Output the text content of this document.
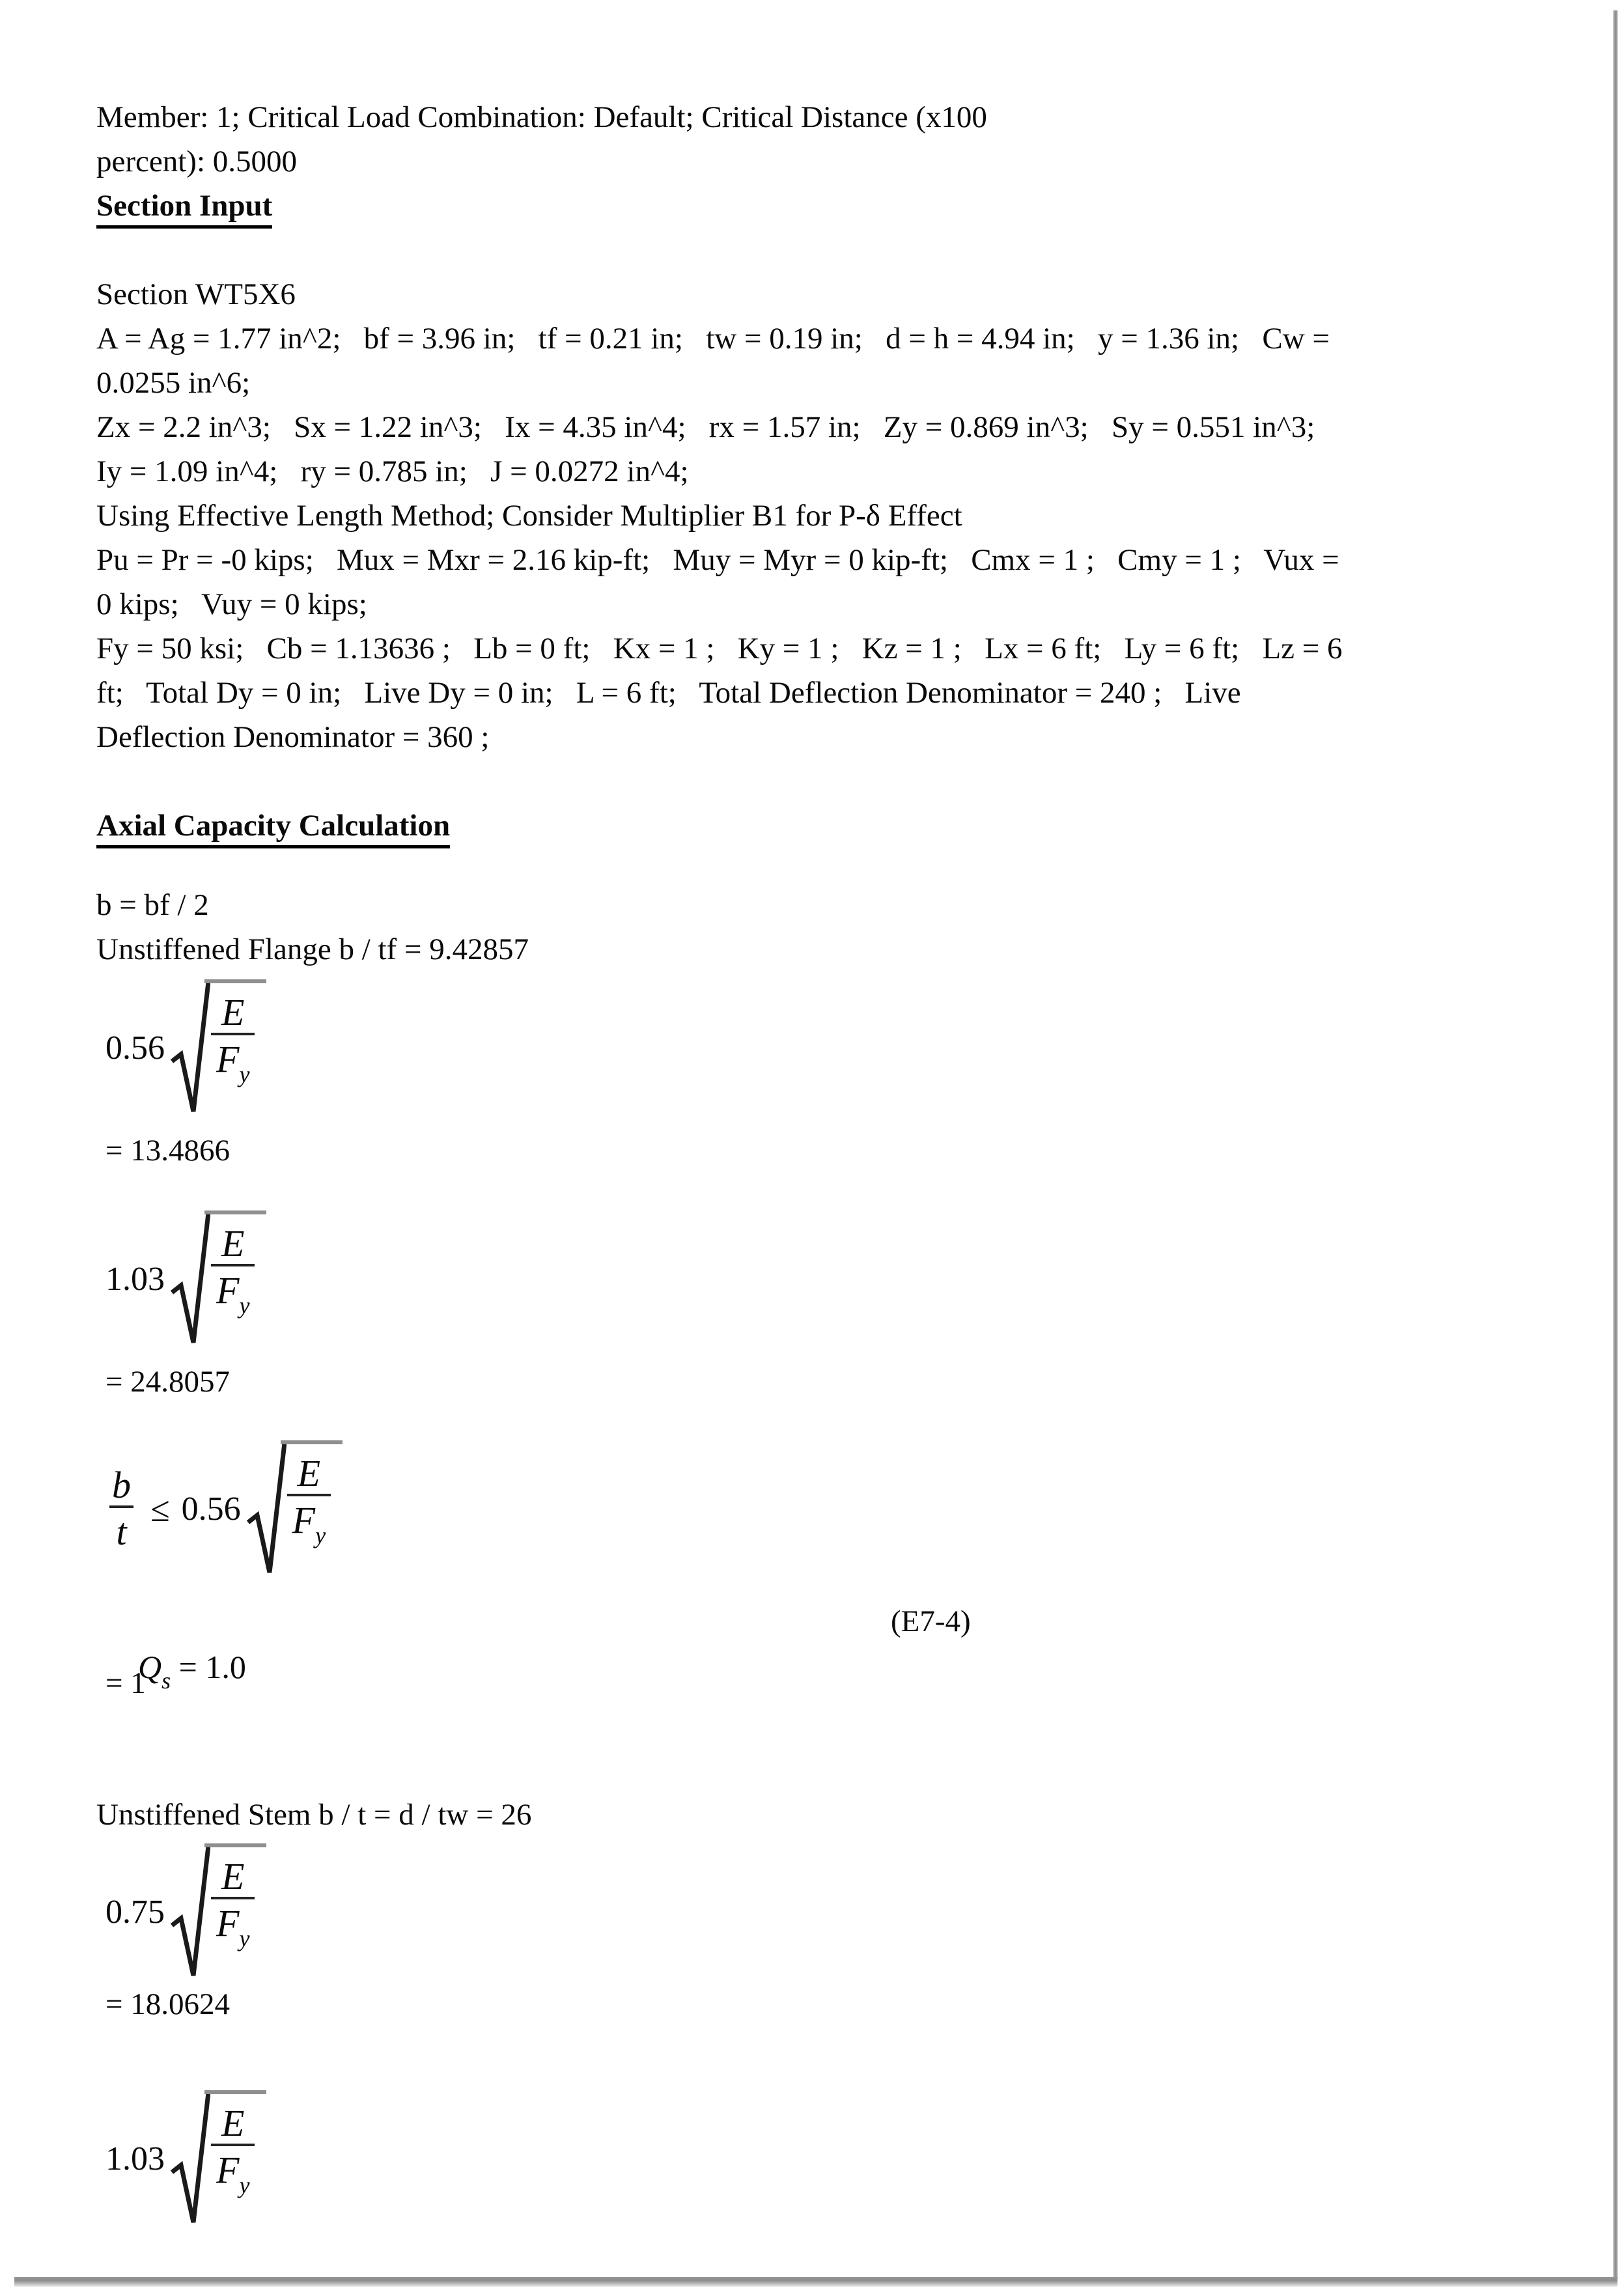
Member: 1; Critical Load Combination: Default; Critical Distance (x100
percent): 0.5000
Section Input
Section WT5X6
A = Ag = 1.77 in^2;   bf = 3.96 in;   tf = 0.21 in;   tw = 0.19 in;   d = h = 4.94 in;   y = 1.36 in;   Cw =
0.0255 in^6;
Zx = 2.2 in^3;   Sx = 1.22 in^3;   Ix = 4.35 in^4;   rx = 1.57 in;   Zy = 0.869 in^3;   Sy = 0.551 in^3;
Iy = 1.09 in^4;   ry = 0.785 in;   J = 0.0272 in^4;
Using Effective Length Method; Consider Multiplier B1 for P-δ Effect
Pu = Pr = -0 kips;   Mux = Mxr = 2.16 kip-ft;   Muy = Myr = 0 kip-ft;   Cmx = 1 ;   Cmy = 1 ;   Vux =
0 kips;   Vuy = 0 kips;
Fy = 50 ksi;   Cb = 1.13636 ;   Lb = 0 ft;   Kx = 1 ;   Ky = 1 ;   Kz = 1 ;   Lx = 6 ft;   Ly = 6 ft;   Lz = 6
ft;   Total Dy = 0 in;   Live Dy = 0 in;   L = 6 ft;   Total Deflection Denominator = 240 ;   Live
Deflection Denominator = 360 ;
Axial Capacity Calculation
b = bf / 2
Unstiffened Flange b / tf = 9.42857
$0.56 \frac{E}{F_y}$
= 13.4866
$1.03 \frac{E}{F_y}$
= 24.8057
$\frac{b}{t} \le 0.56 \frac{E}{F_y}$

$Q_s = 1.0$

(E7-4)

= 1
Unstiffened Stem b / t = d / tw = 26
$0.75 \frac{E}{F_y}$
= 18.0624
$1.03 \frac{E}{F_y}$
